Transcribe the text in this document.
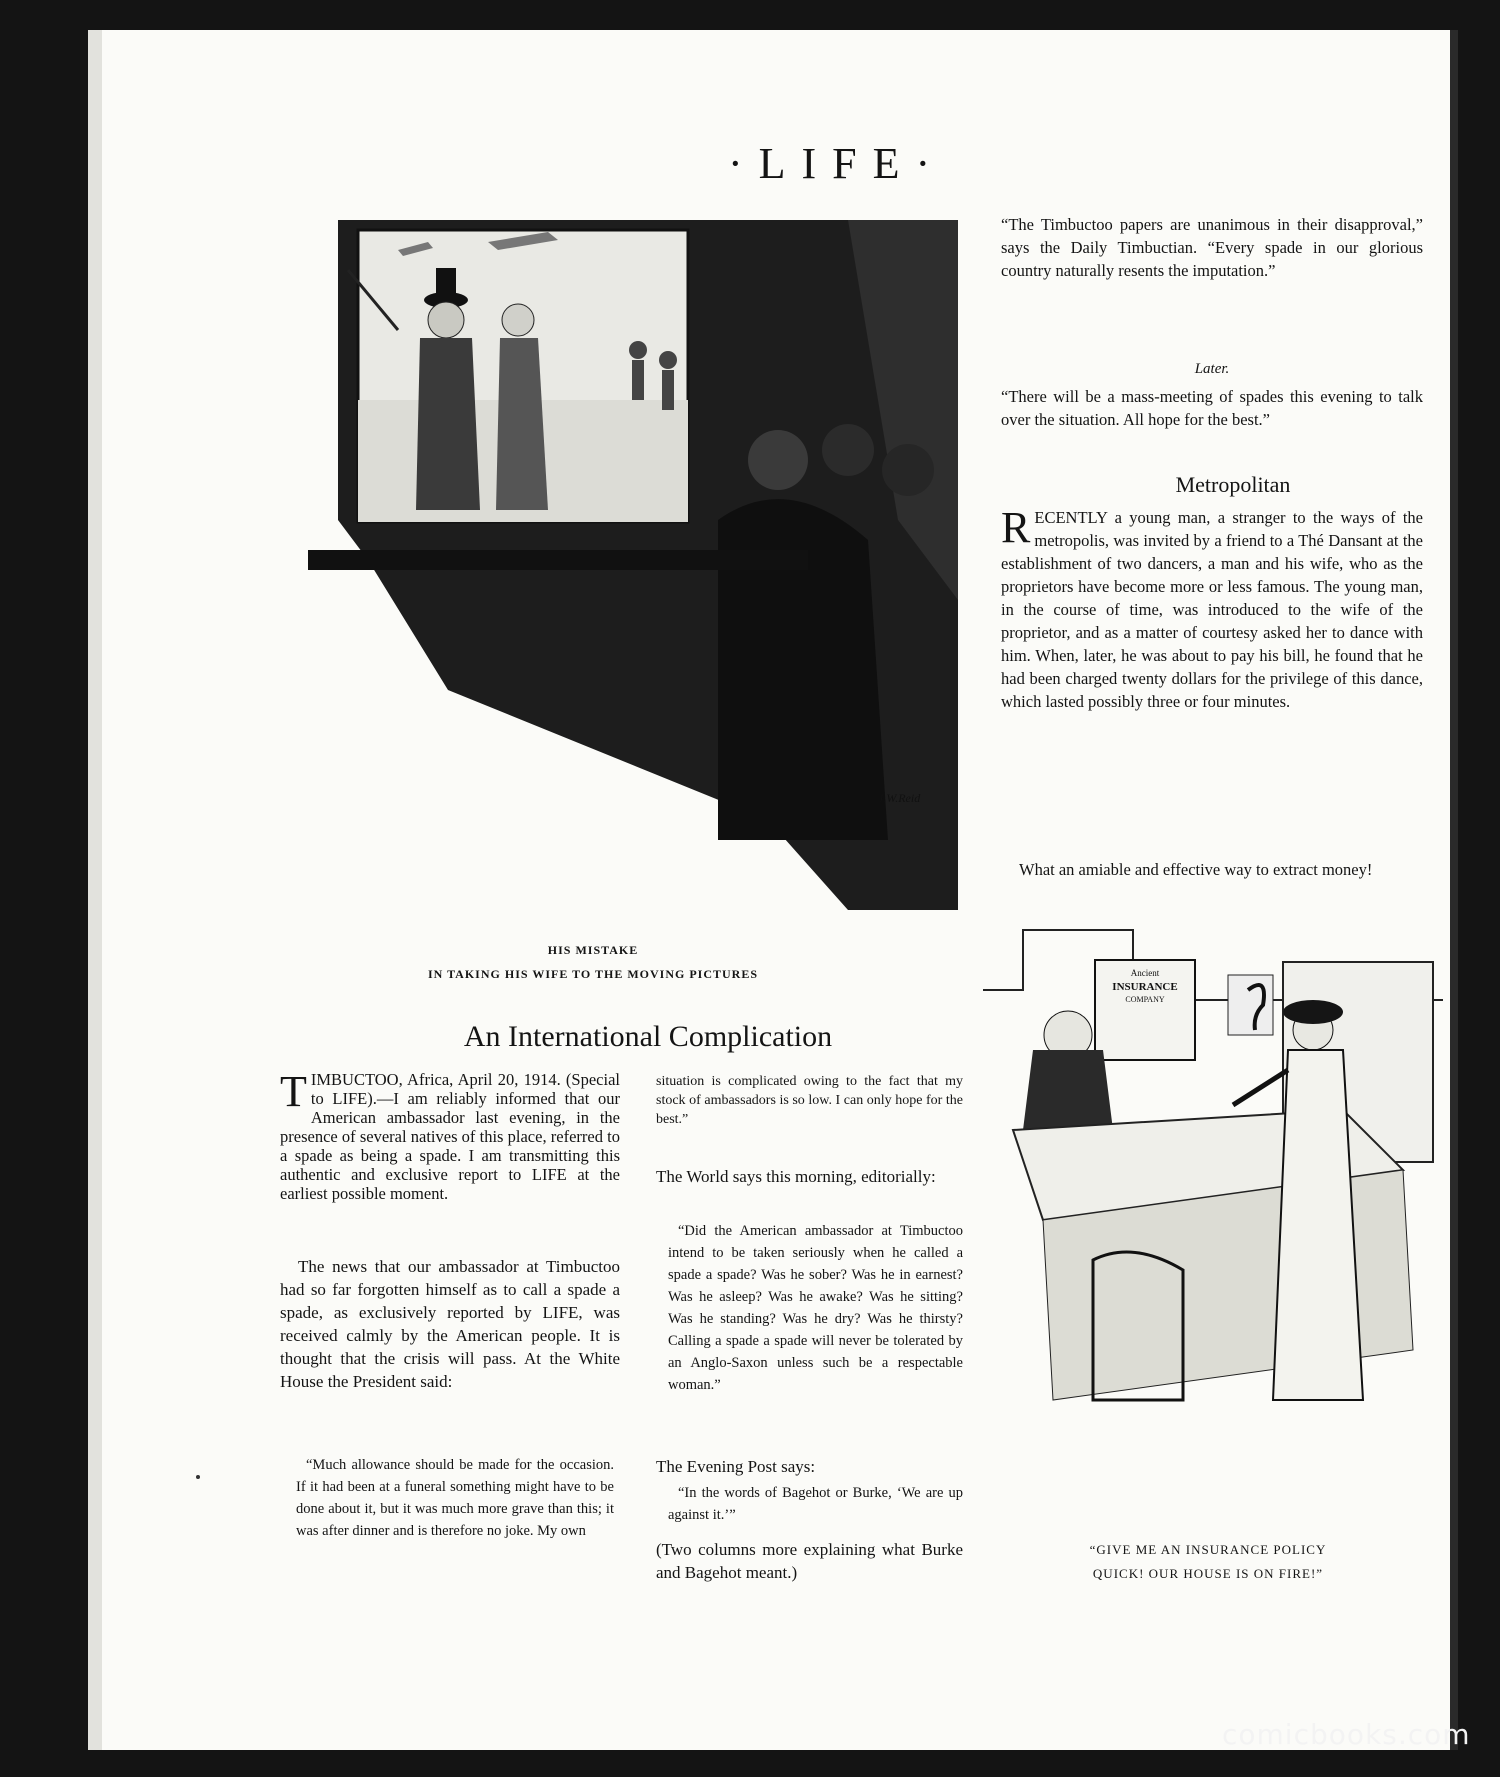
·LIFE·
J.W.Reid
HIS MISTAKE
IN TAKING HIS WIFE TO THE MOVING PICTURES

“The Timbuctoo papers are unanimous in their disapproval,” says the Daily Timbuctian. “Every spade in our glorious country naturally resents the imputation.”

Later.

“There will be a mass-meeting of spades this evening to talk over the situation. All hope for the best.”

Metropolitan
R ECENTLY a young man, a stranger to the ways of the metropolis, was invited by a friend to a Thé Dansant at the establishment of two dancers, a man and his wife, who as the proprietors have become more or less famous. The young man, in the course of time, was introduced to the wife of the proprietor, and as a matter of courtesy asked her to dance with him. When, later, he was about to pay his bill, he found that he had been charged twenty dollars for the privilege of this dance, which lasted possibly three or four minutes.

What an amiable and effective way to extract money!

An International Complication
T IMBUCTOO, Africa, April 20, 1914. (Special to LIFE).—I am reliably informed that our American ambassador last evening, in the presence of several natives of this place, referred to a spade as being a spade. I am transmitting this authentic and exclusive report to LIFE at the earliest possible moment.

The news that our ambassador at Timbuctoo had so far forgotten himself as to call a spade a spade, as exclusively reported by LIFE, was received calmly by the American people. It is thought that the crisis will pass. At the White House the President said:

“Much allowance should be made for the occasion. If it had been at a funeral something might have to be done about it, but it was much more grave than this; it was after dinner and is therefore no joke. My own

situation is complicated owing to the fact that my stock of ambassadors is so low. I can only hope for the best.”

The World says this morning, editorially:

“Did the American ambassador at Timbuctoo intend to be taken seriously when he called a spade a spade? Was he sober? Was he in earnest? Was he asleep? Was he awake? Was he sitting? Was he standing? Was he dry? Was he thirsty? Calling a spade a spade will never be tolerated by an Anglo-Saxon unless such be a respectable woman.”

The Evening Post says:

“In the words of Bagehot or Burke, ‘We are up against it.’”

(Two columns more explaining what Burke and Bagehot meant.)

Ancient
INSURANCE
COMPANY
“GIVE ME AN INSURANCE POLICY
QUICK! OUR HOUSE IS ON FIRE!”
comicbooks.com
